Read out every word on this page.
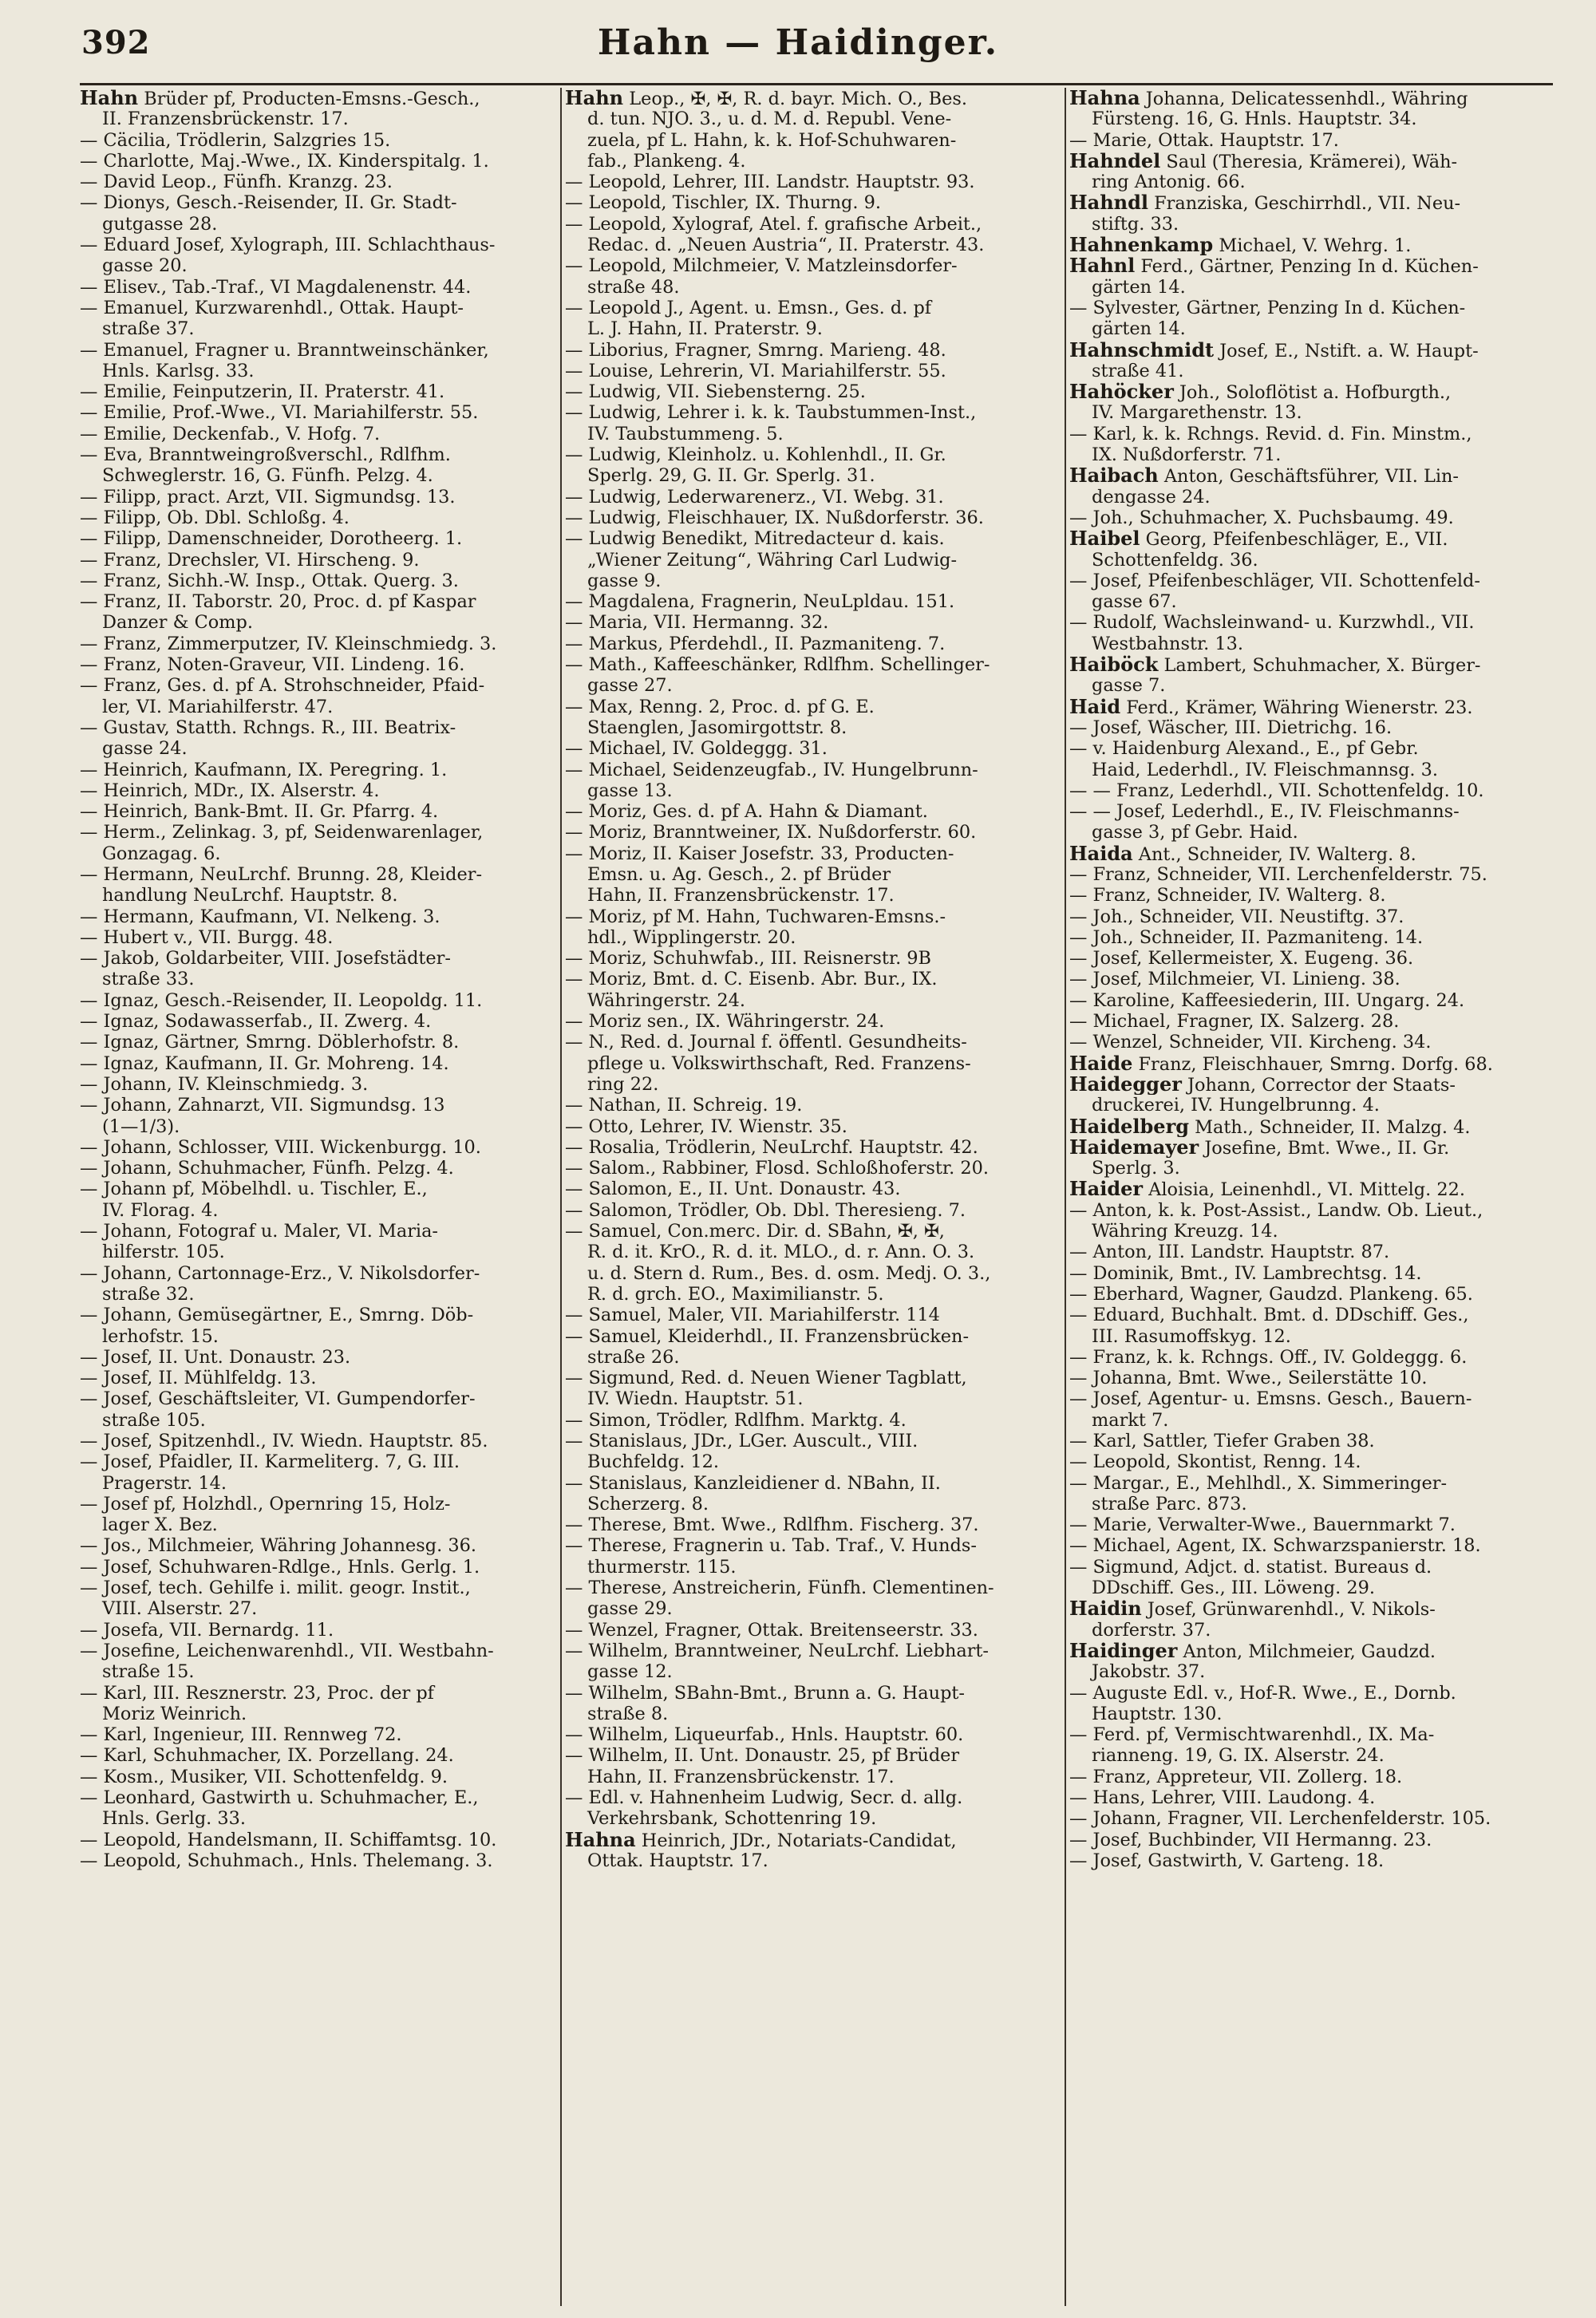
392	Hahn — Haidinger.
Hahn Brüder pf, Producten-Emsns.-Gesch.,
II. Franzensbrückenstr. 17.
— Cäcilia, Trödlerin, Salzgries 15.
— Charlotte, Maj.-Wwe., IX. Kinderspitalg. 1.
— David Leop., Fünfh. Kranzg. 23.
— Dionys, Gesch.-Reisender, II. Gr. Stadt-
gutgasse 28.
— Eduard Josef, Xylograph, III. Schlachthaus-
gasse 20.
— Elisev., Tab.-Traf., VI Magdalenenstr. 44.
— Emanuel, Kurzwarenhdl., Ottak. Haupt-
straße 37.
— Emanuel, Fragner u. Branntweinschänker,
Hnls. Karlsg. 33.
— Emilie, Feinputzerin, II. Praterstr. 41.
— Emilie, Prof.-Wwe., VI. Mariahilferstr. 55.
— Emilie, Deckenfab., V. Hofg. 7.
— Eva, Branntweingroßverschl., Rdlfhm.
Schweglerstr. 16, G. Fünfh. Pelzg. 4.
— Filipp, pract. Arzt, VII. Sigmundsg. 13.
— Filipp, Ob. Dbl. Schloßg. 4.
— Filipp, Damenschneider, Dorotheerg. 1.
— Franz, Drechsler, VI. Hirscheng. 9.
— Franz, Sichh.-W. Insp., Ottak. Querg. 3.
— Franz, II. Taborstr. 20, Proc. d. pf Kaspar
Danzer & Comp.
— Franz, Zimmerputzer, IV. Kleinschmiedg. 3.
— Franz, Noten-Graveur, VII. Lindeng. 16.
— Franz, Ges. d. pf A. Strohschneider, Pfaid-
ler, VI. Mariahilferstr. 47.
— Gustav, Statth. Rchngs. R., III. Beatrix-
gasse 24.
— Heinrich, Kaufmann, IX. Peregring. 1.
— Heinrich, MDr., IX. Alserstr. 4.
— Heinrich, Bank-Bmt. II. Gr. Pfarrg. 4.
— Herm., Zelinkag. 3, pf, Seidenwarenlager,
Gonzagag. 6.
— Hermann, NeuLrchf. Brunng. 28, Kleider-
handlung NeuLrchf. Hauptstr. 8.
— Hermann, Kaufmann, VI. Nelkeng. 3.
— Hubert v., VII. Burgg. 48.
— Jakob, Goldarbeiter, VIII. Josefstädter-
straße 33.
— Ignaz, Gesch.-Reisender, II. Leopoldg. 11.
— Ignaz, Sodawasserfab., II. Zwerg. 4.
— Ignaz, Gärtner, Smrng. Döblerhofstr. 8.
— Ignaz, Kaufmann, II. Gr. Mohreng. 14.
— Johann, IV. Kleinschmiedg. 3.
— Johann, Zahnarzt, VII. Sigmundsg. 13
(1—1/3).
— Johann, Schlosser, VIII. Wickenburgg. 10.
— Johann, Schuhmacher, Fünfh. Pelzg. 4.
— Johann pf, Möbelhdl. u. Tischler, E.,
IV. Florag. 4.
— Johann, Fotograf u. Maler, VI. Maria-
hilferstr. 105.
— Johann, Cartonnage-Erz., V. Nikolsdorfer-
straße 32.
— Johann, Gemüsegärtner, E., Smrng. Döb-
lerhofstr. 15.
— Josef, II. Unt. Donaustr. 23.
— Josef, II. Mühlfeldg. 13.
— Josef, Geschäftsleiter, VI. Gumpendorfer-
straße 105.
— Josef, Spitzenhdl., IV. Wiedn. Hauptstr. 85.
— Josef, Pfaidler, II. Karmeliterg. 7, G. III.
Pragerstr. 14.
— Josef pf, Holzhdl., Opernring 15, Holz-
lager X. Bez.
— Jos., Milchmeier, Währing Johannesg. 36.
— Josef, Schuhwaren-Rdlge., Hnls. Gerlg. 1.
— Josef, tech. Gehilfe i. milit. geogr. Instit.,
VIII. Alserstr. 27.
— Josefa, VII. Bernardg. 11.
— Josefine, Leichenwarenhdl., VII. Westbahn-
straße 15.
— Karl, III. Resznerstr. 23, Proc. der pf
Moriz Weinrich.
— Karl, Ingenieur, III. Rennweg 72.
— Karl, Schuhmacher, IX. Porzellang. 24.
— Kosm., Musiker, VII. Schottenfeldg. 9.
— Leonhard, Gastwirth u. Schuhmacher, E.,
Hnls. Gerlg. 33.
— Leopold, Handelsmann, II. Schiffamtsg. 10.
— Leopold, Schuhmach., Hnls. Thelemang. 3.
Hahn Leop., ✠, ✠, R. d. bayr. Mich. O., Bes.
d. tun. NJO. 3., u. d. M. d. Republ. Vene-
zuela, pf L. Hahn, k. k. Hof-Schuhwaren-
fab., Plankeng. 4.
— Leopold, Lehrer, III. Landstr. Hauptstr. 93.
— Leopold, Tischler, IX. Thurng. 9.
— Leopold, Xylograf, Atel. f. grafische Arbeit.,
Redac. d. „Neuen Austria“, II. Praterstr. 43.
— Leopold, Milchmeier, V. Matzleinsdorfer-
straße 48.
— Leopold J., Agent. u. Emsn., Ges. d. pf
L. J. Hahn, II. Praterstr. 9.
— Liborius, Fragner, Smrng. Marieng. 48.
— Louise, Lehrerin, VI. Mariahilferstr. 55.
— Ludwig, VII. Siebensterng. 25.
— Ludwig, Lehrer i. k. k. Taubstummen-Inst.,
IV. Taubstummeng. 5.
— Ludwig, Kleinholz. u. Kohlenhdl., II. Gr.
Sperlg. 29, G. II. Gr. Sperlg. 31.
— Ludwig, Lederwarenerz., VI. Webg. 31.
— Ludwig, Fleischhauer, IX. Nußdorferstr. 36.
— Ludwig Benedikt, Mitredacteur d. kais.
„Wiener Zeitung“, Währing Carl Ludwig-
gasse 9.
— Magdalena, Fragnerin, NeuLpldau. 151.
— Maria, VII. Hermanng. 32.
— Markus, Pferdehdl., II. Pazmaniteng. 7.
— Math., Kaffeeschänker, Rdlfhm. Schellinger-
gasse 27.
— Max, Renng. 2, Proc. d. pf G. E.
Staenglen, Jasomirgottstr. 8.
— Michael, IV. Goldeggg. 31.
— Michael, Seidenzeugfab., IV. Hungelbrunn-
gasse 13.
— Moriz, Ges. d. pf A. Hahn & Diamant.
— Moriz, Branntweiner, IX. Nußdorferstr. 60.
— Moriz, II. Kaiser Josefstr. 33, Producten-
Emsn. u. Ag. Gesch., 2. pf Brüder
Hahn, II. Franzensbrückenstr. 17.
— Moriz, pf M. Hahn, Tuchwaren-Emsns.-
hdl., Wipplingerstr. 20.
— Moriz, Schuhwfab., III. Reisnerstr. 9B
— Moriz, Bmt. d. C. Eisenb. Abr. Bur., IX.
Währingerstr. 24.
— Moriz sen., IX. Währingerstr. 24.
— N., Red. d. Journal f. öffentl. Gesundheits-
pflege u. Volkswirthschaft, Red. Franzens-
ring 22.
— Nathan, II. Schreig. 19.
— Otto, Lehrer, IV. Wienstr. 35.
— Rosalia, Trödlerin, NeuLrchf. Hauptstr. 42.
— Salom., Rabbiner, Flosd. Schloßhoferstr. 20.
— Salomon, E., II. Unt. Donaustr. 43.
— Salomon, Trödler, Ob. Dbl. Theresieng. 7.
— Samuel, Con.merc. Dir. d. SBahn, ✠, ✠,
R. d. it. KrO., R. d. it. MLO., d. r. Ann. O. 3.
u. d. Stern d. Rum., Bes. d. osm. Medj. O. 3.,
R. d. grch. EO., Maximilianstr. 5.
— Samuel, Maler, VII. Mariahilferstr. 114
— Samuel, Kleiderhdl., II. Franzensbrücken-
straße 26.
— Sigmund, Red. d. Neuen Wiener Tagblatt,
IV. Wiedn. Hauptstr. 51.
— Simon, Trödler, Rdlfhm. Marktg. 4.
— Stanislaus, JDr., LGer. Auscult., VIII.
Buchfeldg. 12.
— Stanislaus, Kanzleidiener d. NBahn, II.
Scherzerg. 8.
— Therese, Bmt. Wwe., Rdlfhm. Fischerg. 37.
— Therese, Fragnerin u. Tab. Traf., V. Hunds-
thurmerstr. 115.
— Therese, Anstreicherin, Fünfh. Clementinen-
gasse 29.
— Wenzel, Fragner, Ottak. Breitenseerstr. 33.
— Wilhelm, Branntweiner, NeuLrchf. Liebhart-
gasse 12.
— Wilhelm, SBahn-Bmt., Brunn a. G. Haupt-
straße 8.
— Wilhelm, Liqueurfab., Hnls. Hauptstr. 60.
— Wilhelm, II. Unt. Donaustr. 25, pf Brüder
Hahn, II. Franzensbrückenstr. 17.
— Edl. v. Hahnenheim Ludwig, Secr. d. allg.
Verkehrsbank, Schottenring 19.
Hahna Heinrich, JDr., Notariats-Candidat,
Ottak. Hauptstr. 17.
Hahna Johanna, Delicatessenhdl., Währing
Fürsteng. 16, G. Hnls. Hauptstr. 34.
— Marie, Ottak. Hauptstr. 17.
Hahndel Saul (Theresia, Krämerei), Wäh-
ring Antonig. 66.
Hahndl Franziska, Geschirrhdl., VII. Neu-
stiftg. 33.
Hahnenkamp Michael, V. Wehrg. 1.
Hahnl Ferd., Gärtner, Penzing In d. Küchen-
gärten 14.
— Sylvester, Gärtner, Penzing In d. Küchen-
gärten 14.
Hahnschmidt Josef, E., Nstift. a. W. Haupt-
straße 41.
Hahöcker Joh., Soloflötist a. Hofburgth.,
IV. Margarethenstr. 13.
— Karl, k. k. Rchngs. Revid. d. Fin. Minstm.,
IX. Nußdorferstr. 71.
Haibach Anton, Geschäftsführer, VII. Lin-
dengasse 24.
— Joh., Schuhmacher, X. Puchsbaumg. 49.
Haibel Georg, Pfeifenbeschläger, E., VII.
Schottenfeldg. 36.
— Josef, Pfeifenbeschläger, VII. Schottenfeld-
gasse 67.
— Rudolf, Wachsleinwand- u. Kurzwhdl., VII.
Westbahnstr. 13.
Haiböck Lambert, Schuhmacher, X. Bürger-
gasse 7.
Haid Ferd., Krämer, Währing Wienerstr. 23.
— Josef, Wäscher, III. Dietrichg. 16.
— v. Haidenburg Alexand., E., pf Gebr.
Haid, Lederhdl., IV. Fleischmannsg. 3.
— — Franz, Lederhdl., VII. Schottenfeldg. 10.
— — Josef, Lederhdl., E., IV. Fleischmanns-
gasse 3, pf Gebr. Haid.
Haida Ant., Schneider, IV. Walterg. 8.
— Franz, Schneider, VII. Lerchenfelderstr. 75.
— Franz, Schneider, IV. Walterg. 8.
— Joh., Schneider, VII. Neustiftg. 37.
— Joh., Schneider, II. Pazmaniteng. 14.
— Josef, Kellermeister, X. Eugeng. 36.
— Josef, Milchmeier, VI. Linieng. 38.
— Karoline, Kaffeesiederin, III. Ungarg. 24.
— Michael, Fragner, IX. Salzerg. 28.
— Wenzel, Schneider, VII. Kircheng. 34.
Haide Franz, Fleischhauer, Smrng. Dorfg. 68.
Haidegger Johann, Corrector der Staats-
druckerei, IV. Hungelbrunng. 4.
Haidelberg Math., Schneider, II. Malzg. 4.
Haidemayer Josefine, Bmt. Wwe., II. Gr.
Sperlg. 3.
Haider Aloisia, Leinenhdl., VI. Mittelg. 22.
— Anton, k. k. Post-Assist., Landw. Ob. Lieut.,
Währing Kreuzg. 14.
— Anton, III. Landstr. Hauptstr. 87.
— Dominik, Bmt., IV. Lambrechtsg. 14.
— Eberhard, Wagner, Gaudzd. Plankeng. 65.
— Eduard, Buchhalt. Bmt. d. DDschiff. Ges.,
III. Rasumoffskyg. 12.
— Franz, k. k. Rchngs. Off., IV. Goldeggg. 6.
— Johanna, Bmt. Wwe., Seilerstätte 10.
— Josef, Agentur- u. Emsns. Gesch., Bauern-
markt 7.
— Karl, Sattler, Tiefer Graben 38.
— Leopold, Skontist, Renng. 14.
— Margar., E., Mehlhdl., X. Simmeringer-
straße Parc. 873.
— Marie, Verwalter-Wwe., Bauernmarkt 7.
— Michael, Agent, IX. Schwarzspanierstr. 18.
— Sigmund, Adjct. d. statist. Bureaus d.
DDschiff. Ges., III. Löweng. 29.
Haidin Josef, Grünwarenhdl., V. Nikols-
dorferstr. 37.
Haidinger Anton, Milchmeier, Gaudzd.
Jakobstr. 37.
— Auguste Edl. v., Hof-R. Wwe., E., Dornb.
Hauptstr. 130.
— Ferd. pf, Vermischtwarenhdl., IX. Ma-
rianneng. 19, G. IX. Alserstr. 24.
— Franz, Appreteur, VII. Zollerg. 18.
— Hans, Lehrer, VIII. Laudong. 4.
— Johann, Fragner, VII. Lerchenfelderstr. 105.
— Josef, Buchbinder, VII Hermanng. 23.
— Josef, Gastwirth, V. Garteng. 18.
